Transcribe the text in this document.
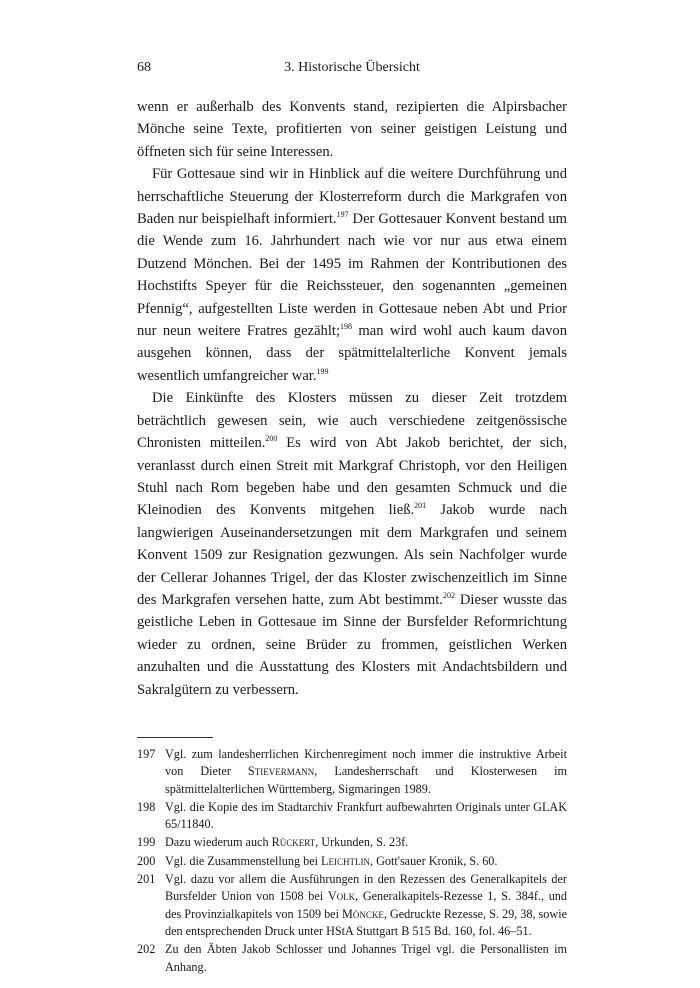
68	3. Historische Übersicht

wenn er außerhalb des Konvents stand, rezipierten die Alpirsbacher Mönche seine Texte, profitierten von seiner geistigen Leistung und öffneten sich für seine Interessen.

Für Gottesaue sind wir in Hinblick auf die weitere Durchführung und herrschaftliche Steuerung der Klosterreform durch die Markgrafen von Baden nur beispielhaft informiert.$^{197}$ Der Gottesauer Konvent bestand um die Wende zum 16. Jahrhundert nach wie vor nur aus etwa einem Dutzend Mönchen. Bei der 1495 im Rahmen der Kontributionen des Hochstifts Speyer für die Reichssteuer, den sogenannten „gemeinen Pfennig“, aufgestellten Liste werden in Gottesaue neben Abt und Prior nur neun weitere Fratres gezählt;$^{198}$ man wird wohl auch kaum davon ausgehen können, dass der spätmittelalterliche Konvent jemals wesentlich umfangreicher war.$^{199}$

Die Einkünfte des Klosters müssen zu dieser Zeit trotzdem beträchtlich gewesen sein, wie auch verschiedene zeitgenössische Chronisten mitteilen.$^{200}$ Es wird von Abt Jakob berichtet, der sich, veranlasst durch einen Streit mit Markgraf Christoph, vor den Heiligen Stuhl nach Rom begeben habe und den gesamten Schmuck und die Kleinodien des Konvents mitgehen ließ.$^{201}$ Jakob wurde nach langwierigen Auseinandersetzungen mit dem Markgrafen und seinem Konvent 1509 zur Resignation gezwungen. Als sein Nachfolger wurde der Cellerar Johannes Trigel, der das Kloster zwischenzeitlich im Sinne des Markgrafen versehen hatte, zum Abt bestimmt.$^{202}$ Dieser wusste das geistliche Leben in Gottesaue im Sinne der Bursfelder Reformrichtung wieder zu ordnen, seine Brüder zu frommen, geistlichen Werken anzuhalten und die Ausstattung des Klosters mit Andachtsbildern und Sakralgütern zu verbessern.

197 Vgl. zum landesherrlichen Kirchenregiment noch immer die instruktive Arbeit von Dieter Stievermann, Landesherrschaft und Klosterwesen im spätmittelalterlichen Württemberg, Sigmaringen 1989.
198 Vgl. die Kopie des im Stadtarchiv Frankfurt aufbewahrten Originals unter GLAK 65/11840.
199 Dazu wiederum auch Rückert, Urkunden, S. 23f.
200 Vgl. die Zusammenstellung bei Leichtlin, Gott'sauer Kronik, S. 60.
201 Vgl. dazu vor allem die Ausführungen in den Rezessen des Generalkapitels der Bursfelder Union von 1508 bei Volk, Generalkapitels-Rezesse 1, S. 384f., und des Provinzialkapitels von 1509 bei Möncke, Gedruckte Rezesse, S. 29, 38, sowie den entsprechenden Druck unter HStA Stuttgart B 515 Bd. 160, fol. 46–51.
202 Zu den Äbten Jakob Schlosser und Johannes Trigel vgl. die Personallisten im Anhang.
